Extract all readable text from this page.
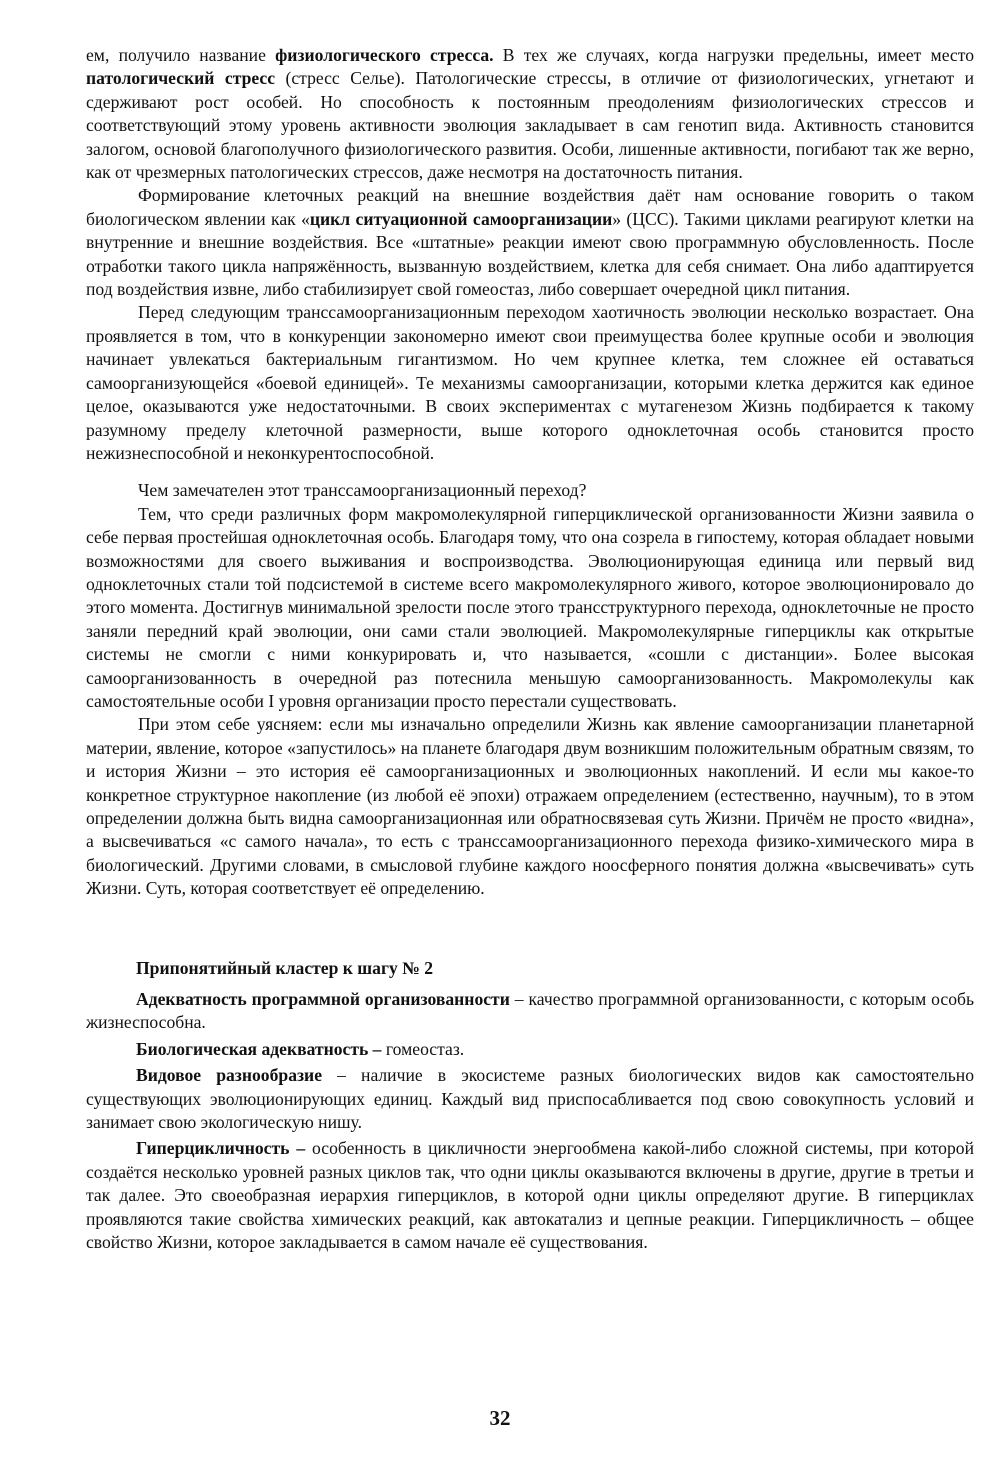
ем, получило название физиологического стресса. В тех же случаях, когда нагрузки предельны, имеет место патологический стресс (стресс Селье). Патологические стрессы, в отличие от физиологических, угнетают и сдерживают рост особей. Но способность к постоянным преодолениям физиологических стрессов и соответствующий этому уровень активности эволюция закладывает в сам генотип вида. Активность становится залогом, основой благополучного физиологического развития. Особи, лишенные активности, погибают так же верно, как от чрезмерных патологических стрессов, даже несмотря на достаточность питания.

Формирование клеточных реакций на внешние воздействия даёт нам основание говорить о таком биологическом явлении как «цикл ситуационной самоорганизации» (ЦСС). Такими циклами реагируют клетки на внутренние и внешние воздействия. Все «штатные» реакции имеют свою программную обусловленность. После отработки такого цикла напряжённость, вызванную воздействием, клетка для себя снимает. Она либо адаптируется под воздействия извне, либо стабилизирует свой гомеостаз, либо совершает очередной цикл питания.

Перед следующим транссамоорганизационным переходом хаотичность эволюции несколько возрастает. Она проявляется в том, что в конкуренции закономерно имеют свои преимущества более крупные особи и эволюция начинает увлекаться бактериальным гигантизмом. Но чем крупнее клетка, тем сложнее ей оставаться самоорганизующейся «боевой единицей». Те механизмы самоорганизации, которыми клетка держится как единое целое, оказываются уже недостаточными. В своих экспериментах с мутагенезом Жизнь подбирается к такому разумному пределу клеточной размерности, выше которого одноклеточная особь становится просто нежизнеспособной и неконкурентоспособной.

Чем замечателен этот транссамоорганизационный переход?

Тем, что среди различных форм макромолекулярной гиперциклической организованности Жизни заявила о себе первая простейшая одноклеточная особь. Благодаря тому, что она созрела в гипостему, которая обладает новыми возможностями для своего выживания и воспроизводства. Эволюционирующая единица или первый вид одноклеточных стали той подсистемой в системе всего макромолекулярного живого, которое эволюционировало до этого момента. Достигнув минимальной зрелости после этого трансструктурного перехода, одноклеточные не просто заняли передний край эволюции, они сами стали эволюцией. Макромолекулярные гиперциклы как открытые системы не смогли с ними конкурировать и, что называется, «сошли с дистанции». Более высокая самоорганизованность в очередной раз потеснила меньшую самоорганизованность. Макромолекулы как самостоятельные особи I уровня организации просто перестали существовать.

При этом себе уясняем: если мы изначально определили Жизнь как явление самоорганизации планетарной материи, явление, которое «запустилось» на планете благодаря двум возникшим положительным обратным связям, то и история Жизни – это история её самоорганизационных и эволюционных накоплений. И если мы какое-то конкретное структурное накопление (из любой её эпохи) отражаем определением (естественно, научным), то в этом определении должна быть видна самоорганизационная или обратносвязевая суть Жизни. Причём не просто «видна», а высвечиваться «с самого начала», то есть с транссамоорганизационного перехода физико-химического мира в биологический. Другими словами, в смысловой глубине каждого ноосферного понятия должна «высвечивать» суть Жизни. Суть, которая соответствует её определению.

Припонятийный кластер к шагу № 2

Адекватность программной организованности – качество программной организованности, с которым особь жизнеспособна.

Биологическая адекватность – гомеостаз.

Видовое разнообразие – наличие в экосистеме разных биологических видов как самостоятельно существующих эволюционирующих единиц. Каждый вид приспосабливается под свою совокупность условий и занимает свою экологическую нишу.

Гиперцикличность – особенность в цикличности энергообмена какой-либо сложной системы, при которой создаётся несколько уровней разных циклов так, что одни циклы оказываются включены в другие, другие в третьи и так далее. Это своеобразная иерархия гиперциклов, в которой одни циклы определяют другие. В гиперциклах проявляются такие свойства химических реакций, как автокатализ и цепные реакции. Гиперцикличность – общее свойство Жизни, которое закладывается в самом начале её существования.

32
